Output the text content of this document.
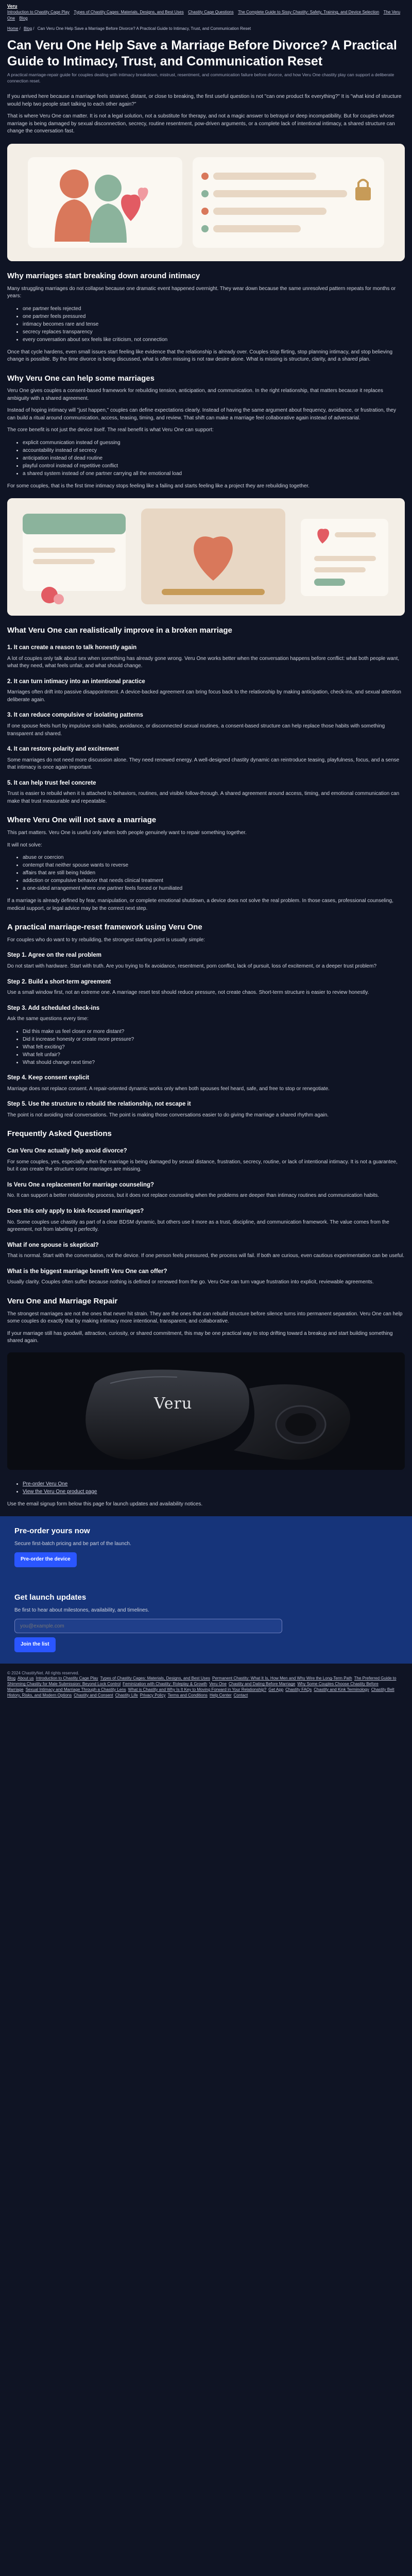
Veru
Introduction to Chastity Cage Play Types of Chastity Cages: Materials, Designs, and Best Uses Chastity Cage Questions The Complete Guide to Sissy Chastity: Safety, Training, and Device Selection The Veru One Blog
Home / Blog / Can Veru One Help Save a Marriage Before Divorce? A Practical Guide to Intimacy, Trust, and Communication Reset
Can Veru One Help Save a Marriage Before Divorce? A Practical Guide to Intimacy, Trust, and Communication Reset
A practical marriage-repair guide for couples dealing with intimacy breakdown, mistrust, resentment, and communication failure before divorce, and how Veru One chastity play can support a deliberate connection reset.

If you arrived here because a marriage feels strained, distant, or close to breaking, the first useful question is not "can one product fix everything?" It is "what kind of structure would help two people start talking to each other again?"

That is where Veru One can matter. It is not a legal solution, not a substitute for therapy, and not a magic answer to betrayal or deep incompatibility. But for couples whose marriage is being damaged by sexual disconnection, secrecy, routine resentment, pow-driven arguments, or a complete lack of intentional intimacy, a shared structure can change the conversation fast.

Why marriages start breaking down around intimacy

Many struggling marriages do not collapse because one dramatic event happened overnight. They wear down because the same unresolved pattern repeats for months or years:

• one partner feels rejected
• one partner feels pressured
• intimacy becomes rare and tense
• secrecy replaces transparency
• every conversation about sex feels like criticism, not connection

Once that cycle hardens, even small issues start feeling like evidence that the relationship is already over. Couples stop flirting, stop planning intimacy, and stop believing change is possible. By the time divorce is being discussed, what is often missing is not raw desire alone. What is missing is structure, clarity, and a shared plan.

Why Veru One can help some marriages

Veru One gives couples a consent-based framework for rebuilding tension, anticipation, and communication. In the right relationship, that matters because it replaces ambiguity with a shared agreement.

Instead of hoping intimacy will "just happen," couples can define expectations clearly. Instead of having the same argument about frequency, avoidance, or frustration, they can build a ritual around communication, access, teasing, timing, and review. That shift can make a marriage feel collaborative again instead of adversarial.

The core benefit is not just the device itself. The real benefit is what Veru One can support:

• explicit communication instead of guessing
• accountability instead of secrecy
• anticipation instead of dead routine
• playful control instead of repetitive conflict
• a shared system instead of one partner carrying all the emotional load

For some couples, that is the first time intimacy stops feeling like a failing and starts feeling like a project they are rebuilding together.

What Veru One can realistically improve in a broken marriage
1. It can create a reason to talk honestly again

A lot of couples only talk about sex when something has already gone wrong. Veru One works better when the conversation happens before conflict: what both people want, what they need, what feels unfair, and what should change.

2. It can turn intimacy into an intentional practice

Marriages often drift into passive disappointment. A device-backed agreement can bring focus back to the relationship by making anticipation, check-ins, and sexual attention deliberate again.

3. It can reduce compulsive or isolating patterns

If one spouse feels hurt by impulsive solo habits, avoidance, or disconnected sexual routines, a consent-based structure can help replace those habits with something transparent and shared.

4. It can restore polarity and excitement

Some marriages do not need more discussion alone. They need renewed energy. A well-designed chastity dynamic can reintroduce teasing, playfulness, focus, and a sense that intimacy is once again important.

5. It can help trust feel concrete

Trust is easier to rebuild when it is attached to behaviors, routines, and visible follow-through. A shared agreement around access, timing, and emotional communication can make that trust measurable and repeatable.

Where Veru One will not save a marriage

This part matters. Veru One is useful only when both people genuinely want to repair something together.

It will not solve:

• abuse or coercion
• contempt that neither spouse wants to reverse
• affairs that are still being hidden
• addiction or compulsive behavior that needs clinical treatment
• a one-sided arrangement where one partner feels forced or humiliated

If a marriage is already defined by fear, manipulation, or complete emotional shutdown, a device does not solve the real problem. In those cases, professional counseling, medical support, or legal advice may be the correct next step.

A practical marriage-reset framework using Veru One

For couples who do want to try rebuilding, the strongest starting point is usually simple:

Step 1. Agree on the real problem

Do not start with hardware. Start with truth. Are you trying to fix avoidance, resentment, porn conflict, lack of pursuit, loss of excitement, or a deeper trust problem?

Step 2. Build a short-term agreement

Use a small window first, not an extreme one. A marriage reset test should reduce pressure, not create chaos. Short-term structure is easier to review honestly.

Step 3. Add scheduled check-ins

Ask the same questions every time:

• Did this make us feel closer or more distant?
• Did it increase honesty or create more pressure?
• What felt exciting?
• What felt unfair?
• What should change next time?
Step 4. Keep consent explicit

Marriage does not replace consent. A repair-oriented dynamic works only when both spouses feel heard, safe, and free to stop or renegotiate.

Step 5. Use the structure to rebuild the relationship, not escape it

The point is not avoiding real conversations. The point is making those conversations easier to do giving the marriage a shared rhythm again.

Frequently Asked Questions
Can Veru One actually help avoid divorce?

For some couples, yes, especially when the marriage is being damaged by sexual distance, frustration, secrecy, routine, or lack of intentional intimacy. It is not a guarantee, but it can create the structure some marriages are missing.

Is Veru One a replacement for marriage counseling?

No. It can support a better relationship process, but it does not replace counseling when the problems are deeper than intimacy routines and communication habits.

Does this only apply to kink-focused marriages?

No. Some couples use chastity as part of a clear BDSM dynamic, but others use it more as a trust, discipline, and communication framework. The value comes from the agreement, not from labeling it perfectly.

What if one spouse is skeptical?

That is normal. Start with the conversation, not the device. If one person feels pressured, the process will fail. If both are curious, even cautious experimentation can be useful.

What is the biggest marriage benefit Veru One can offer?

Usually clarity. Couples often suffer because nothing is defined or renewed from the go. Veru One can turn vague frustration into explicit, reviewable agreements.

Veru One and Marriage Repair

The strongest marriages are not the ones that never hit strain. They are the ones that can rebuild structure before silence turns into permanent separation. Veru One can help some couples do exactly that by making intimacy more intentional, transparent, and collaborative.

If your marriage still has goodwill, attraction, curiosity, or shared commitment, this may be one practical way to stop drifting toward a breakup and start building something shared again.

Veru
• Pre-order Veru One
• View the Veru One product page

Use the email signup form below this page for launch updates and availability notices.

Pre-order yours now

Secure first-batch pricing and be part of the launch.

Pre-order the device
Get launch updates

Be first to hear about milestones, availability, and timelines.

you@example.com Join the list
© 2024 ChastityNet. All rights reserved.
Blog About us Introduction to Chastity Cage Play Types of Chastity Cages: Materials, Designs, and Best Uses Permanent Chastity: What It Is, How Men and Why Wire the Long-Term Path The Preferred Guide to Shimming Chastity for Male Submission: Beyond Lock Control Feminization with Chastity: Roleplay & Growth Veru One Chastity and Dating Before Marriage Why Some Couples Choose Chastity Before Marriage Sexual Intimacy and Marriage Through a Chastity Lens What is Chastity and Why Is It Key to Moving Forward in Your Relationship? Get App Chastity FAQs Chastity and Kink Terminology Chastity Belt History, Risks, and Modern Options Chastity and Consent Chastity Life Privacy Policy Terms and Conditions Help Center Contact
